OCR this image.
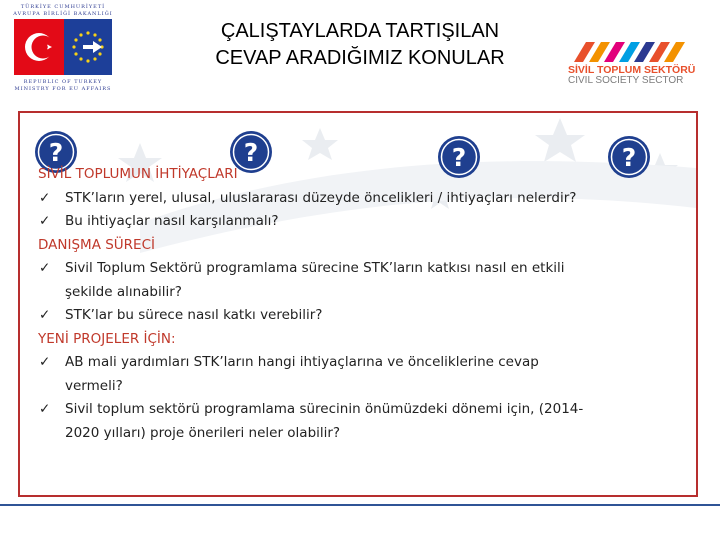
TÜRKİYE CUMHURİYETİ
AVRUPA BİRLİĞİ BAKANLIĞI
REPUBLIC OF TURKEY
MINISTRY FOR EU AFFAIRS
ÇALIŞTAYLARDA TARTIŞILAN
CEVAP ARADIĞIMIZ KONULAR
SİVİL TOPLUM SEKTÖRÜ
CIVIL SOCIETY SECTOR
?	?	?	?
SİVİL TOPLUMUN İHTİYAÇLARI
✓ STK’ların yerel, ulusal, uluslararası düzeyde öncelikleri / ihtiyaçları nelerdir?
✓ Bu ihtiyaçlar nasıl karşılanmalı?
DANIŞMA SÜRECİ
✓ Sivil Toplum Sektörü programlama sürecine STK’ların katkısı nasıl en etkili
şekilde alınabilir?
✓ STK’lar bu sürece nasıl katkı verebilir?
YENİ PROJELER İÇİN:
✓ AB mali yardımları STK’ların hangi ihtiyaçlarına ve önceliklerine cevap
vermeli?
✓ Sivil toplum sektörü programlama sürecinin önümüzdeki dönemi için, (2014-
2020 yılları) proje önerileri neler olabilir?
